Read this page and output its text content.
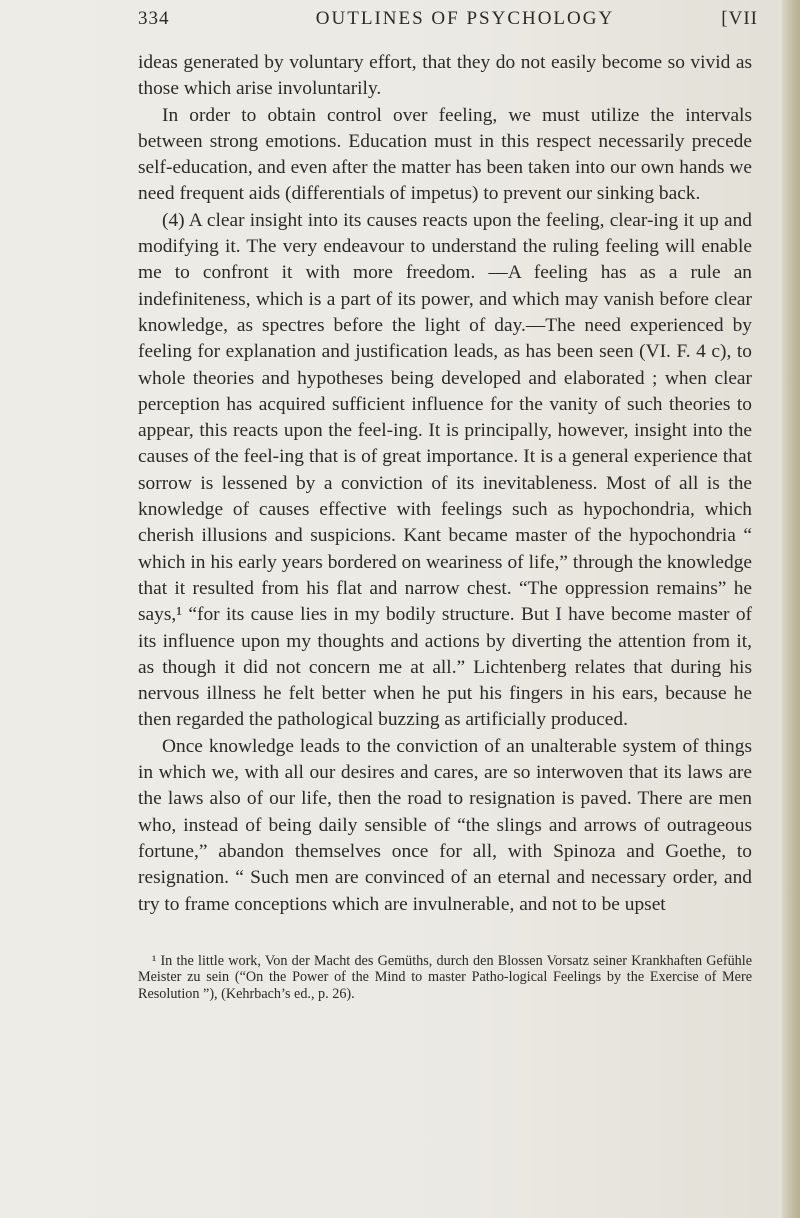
334	OUTLINES OF PSYCHOLOGY	[VII

ideas generated by voluntary effort, that they do not easily become so vivid as those which arise involuntarily.

In order to obtain control over feeling, we must utilize the intervals between strong emotions. Education must in this respect necessarily precede self-education, and even after the matter has been taken into our own hands we need frequent aids (differentials of impetus) to prevent our sinking back.

(4) A clear insight into its causes reacts upon the feeling, clear-ing it up and modifying it. The very endeavour to understand the ruling feeling will enable me to confront it with more freedom. —A feeling has as a rule an indefiniteness, which is a part of its power, and which may vanish before clear knowledge, as spectres before the light of day.—The need experienced by feeling for explanation and justification leads, as has been seen (VI. F. 4 c), to whole theories and hypotheses being developed and elaborated ; when clear perception has acquired sufficient influence for the vanity of such theories to appear, this reacts upon the feel-ing. It is principally, however, insight into the causes of the feel-ing that is of great importance. It is a general experience that sorrow is lessened by a conviction of its inevitableness. Most of all is the knowledge of causes effective with feelings such as hypochondria, which cherish illusions and suspicions. Kant became master of the hypochondria “ which in his early years bordered on weariness of life,” through the knowledge that it resulted from his flat and narrow chest. “The oppression remains” he says,¹ “for its cause lies in my bodily structure. But I have become master of its influence upon my thoughts and actions by diverting the attention from it, as though it did not concern me at all.” Lichtenberg relates that during his nervous illness he felt better when he put his fingers in his ears, because he then regarded the pathological buzzing as artificially produced.

Once knowledge leads to the conviction of an unalterable system of things in which we, with all our desires and cares, are so interwoven that its laws are the laws also of our life, then the road to resignation is paved. There are men who, instead of being daily sensible of “the slings and arrows of outrageous fortune,” abandon themselves once for all, with Spinoza and Goethe, to resignation. “ Such men are convinced of an eternal and necessary order, and try to frame conceptions which are invulnerable, and not to be upset

¹ In the little work, Von der Macht des Gemüths, durch den Blossen Vorsatz seiner Krankhaften Gefühle Meister zu sein (“On the Power of the Mind to master Patho-logical Feelings by the Exercise of Mere Resolution ”), (Kehrbach’s ed., p. 26).
